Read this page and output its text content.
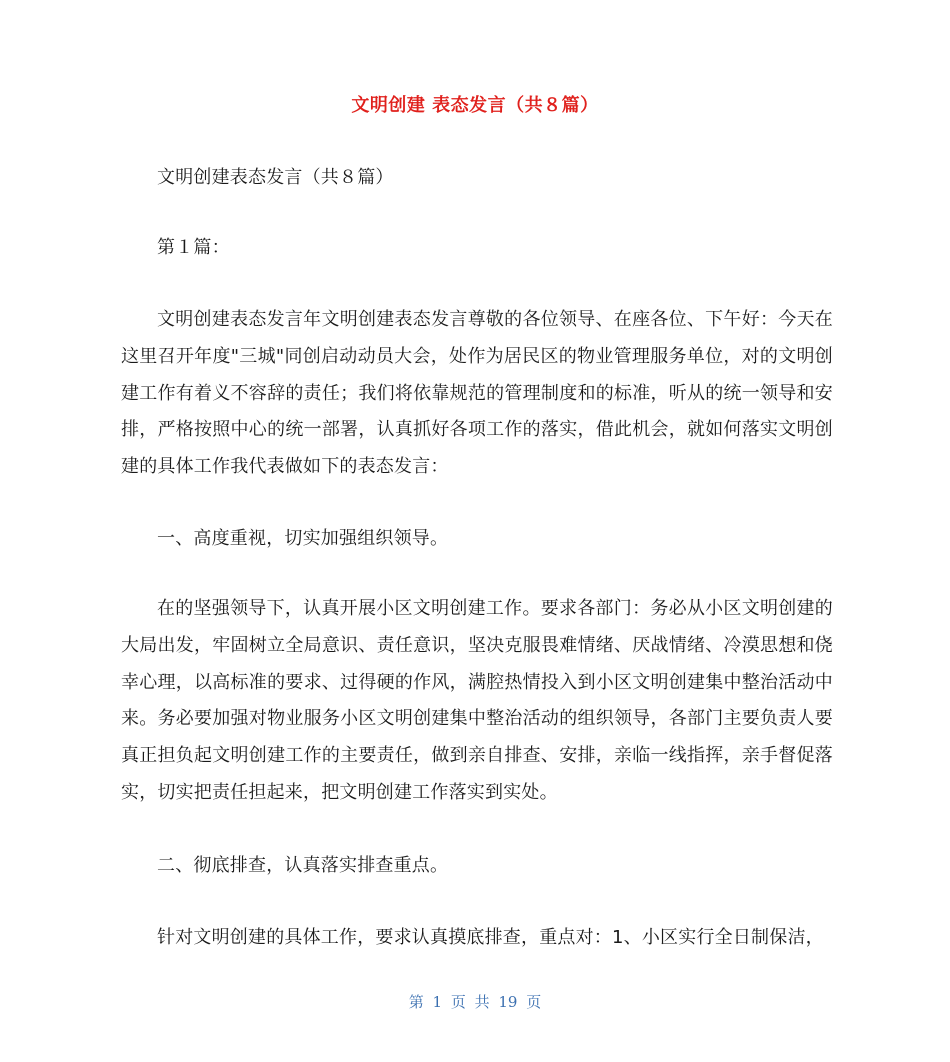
文明创建 表态发言（共８篇）

文明创建表态发言（共８篇）

第１篇：

文明创建表态发言年文明创建表态发言尊敬的各位领导、在座各位、下午好：今天在这里召开年度"三城"同创启动动员大会，处作为居民区的物业管理服务单位，对的文明创建工作有着义不容辞的责任；我们将依靠规范的管理制度和的标准，听从的统一领导和安排，严格按照中心的统一部署，认真抓好各项工作的落实，借此机会，就如何落实文明创建的具体工作我代表做如下的表态发言：

一、高度重视，切实加强组织领导。

在的坚强领导下，认真开展小区文明创建工作。要求各部门：务必从小区文明创建的大局出发，牢固树立全局意识、责任意识，坚决克服畏难情绪、厌战情绪、冷漠思想和侥幸心理，以高标准的要求、过得硬的作风，满腔热情投入到小区文明创建集中整治活动中来。务必要加强对物业服务小区文明创建集中整治活动的组织领导，各部门主要负责人要真正担负起文明创建工作的主要责任，做到亲自排查、安排，亲临一线指挥，亲手督促落实，切实把责任担起来，把文明创建工作落实到实处。

二、彻底排查，认真落实排查重点。

针对文明创建的具体工作，要求认真摸底排查，重点对：1、小区实行全日制保洁，

第 1 页 共 19 页
